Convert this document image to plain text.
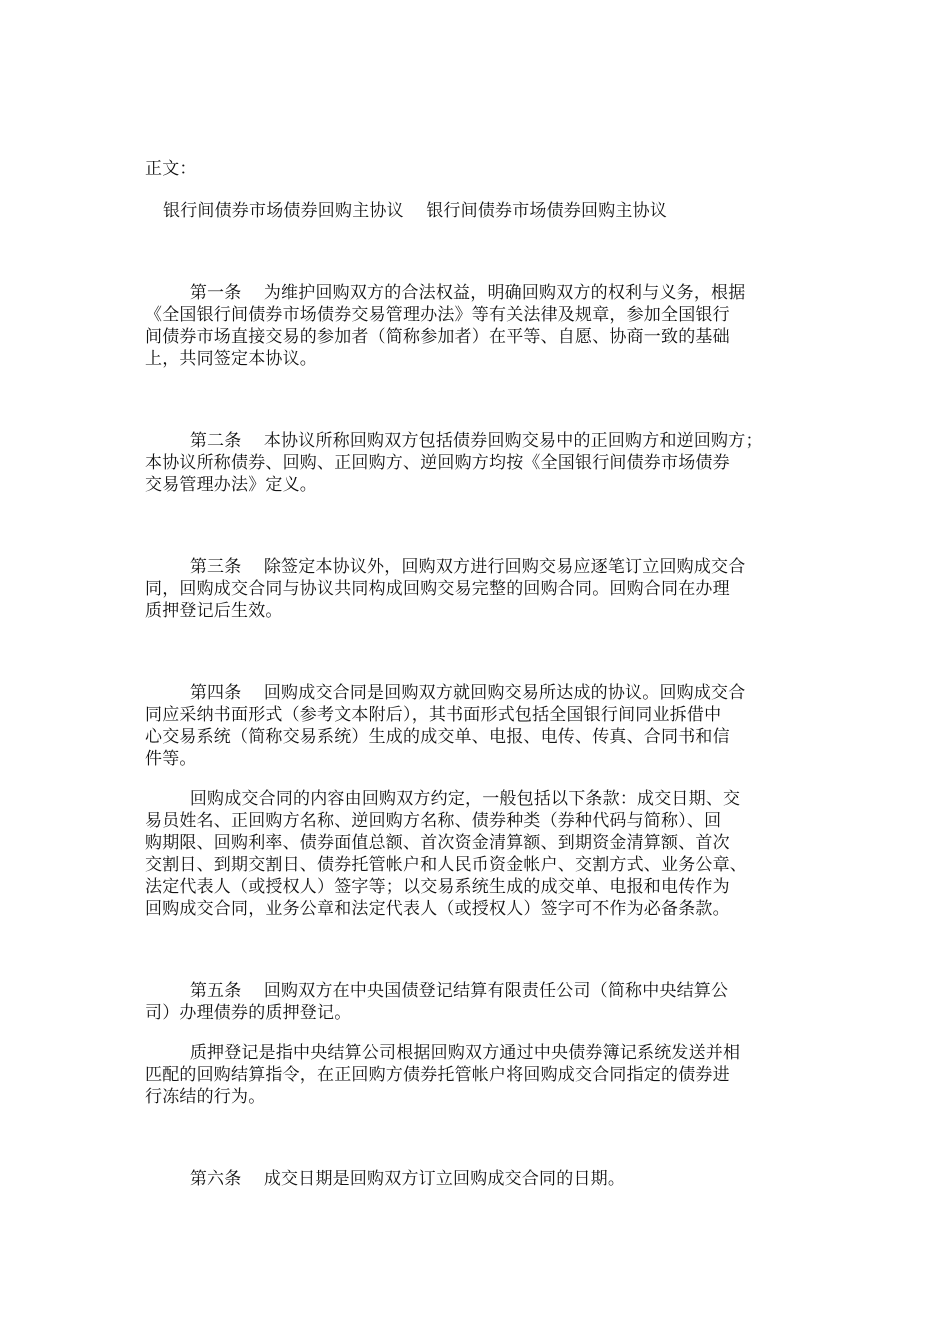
正文：
银行间债券市场债券回购主协议    银行间债券市场债券回购主协议
第一条    为维护回购双方的合法权益，明确回购双方的权利与义务，根据
《全国银行间债券市场债券交易管理办法》等有关法律及规章，参加全国银行
间债券市场直接交易的参加者（简称参加者）在平等、自愿、协商一致的基础
上，共同签定本协议。
第二条    本协议所称回购双方包括债券回购交易中的正回购方和逆回购方；
本协议所称债券、回购、正回购方、逆回购方均按《全国银行间债券市场债券
交易管理办法》定义。
第三条    除签定本协议外，回购双方进行回购交易应逐笔订立回购成交合
同，回购成交合同与协议共同构成回购交易完整的回购合同。回购合同在办理
质押登记后生效。
第四条    回购成交合同是回购双方就回购交易所达成的协议。回购成交合
同应采纳书面形式（参考文本附后），其书面形式包括全国银行间同业拆借中
心交易系统（简称交易系统）生成的成交单、电报、电传、传真、合同书和信
件等。
回购成交合同的内容由回购双方约定，一般包括以下条款：成交日期、交
易员姓名、正回购方名称、逆回购方名称、债券种类（券种代码与简称）、回
购期限、回购利率、债券面值总额、首次资金清算额、到期资金清算额、首次
交割日、到期交割日、债券托管帐户和人民币资金帐户、交割方式、业务公章、
法定代表人（或授权人）签字等；以交易系统生成的成交单、电报和电传作为
回购成交合同，业务公章和法定代表人（或授权人）签字可不作为必备条款。
第五条    回购双方在中央国债登记结算有限责任公司（简称中央结算公
司）办理债券的质押登记。
质押登记是指中央结算公司根据回购双方通过中央债券簿记系统发送并相
匹配的回购结算指令，在正回购方债券托管帐户将回购成交合同指定的债券进
行冻结的行为。
第六条    成交日期是回购双方订立回购成交合同的日期。
